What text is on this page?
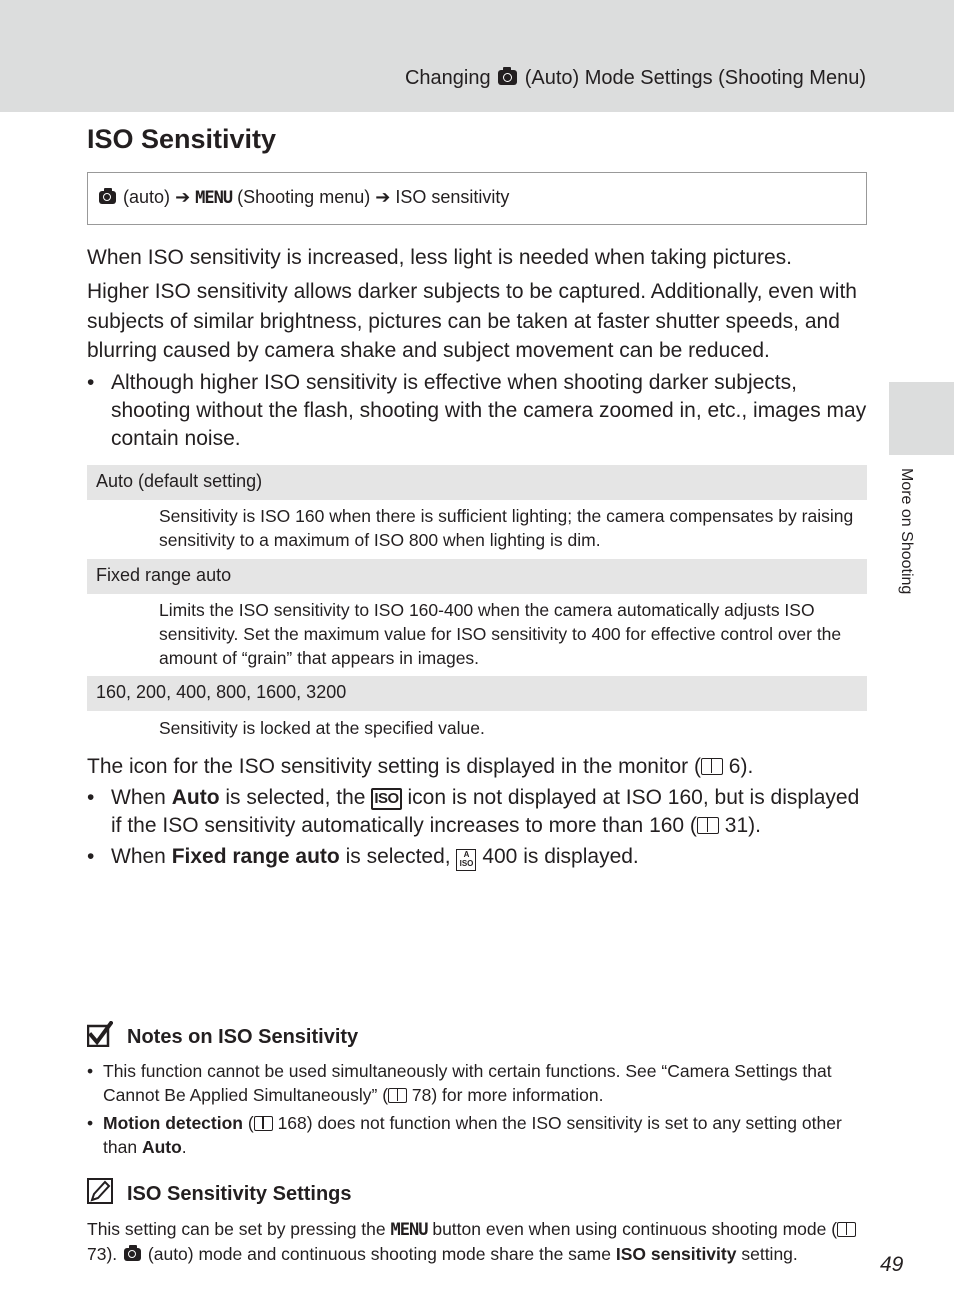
Changing (Auto) Mode Settings (Shooting Menu)
ISO Sensitivity
(auto) ➔ MENU (Shooting menu) ➔ ISO sensitivity

When ISO sensitivity is increased, less light is needed when taking pictures.

Higher ISO sensitivity allows darker subjects to be captured. Additionally, even with subjects of similar brightness, pictures can be taken at faster shutter speeds, and blurring caused by camera shake and subject movement can be reduced.

• Although higher ISO sensitivity is effective when shooting darker subjects, shooting without the flash, shooting with the camera zoomed in, etc., images may contain noise.

Auto (default setting)

Sensitivity is ISO 160 when there is sufficient lighting; the camera compensates by raising sensitivity to a maximum of ISO 800 when lighting is dim.

Fixed range auto

Limits the ISO sensitivity to ISO 160-400 when the camera automatically adjusts ISO sensitivity. Set the maximum value for ISO sensitivity to 400 for effective control over the amount of “grain” that appears in images.

160, 200, 400, 800, 1600, 3200

Sensitivity is locked at the specified value.

The icon for the ISO sensitivity setting is displayed in the monitor ( 6).

• When Auto is selected, the ISO icon is not displayed at ISO 160, but is displayed if the ISO sensitivity automatically increases to more than 160 ( 31).

• When Fixed range auto is selected, A
ISO 400 is displayed.

Notes on ISO Sensitivity

• This function cannot be used simultaneously with certain functions. See “Camera Settings that Cannot Be Applied Simultaneously” ( 78) for more information.

• Motion detection ( 168) does not function when the ISO sensitivity is set to any setting other than Auto.

ISO Sensitivity Settings

This setting can be set by pressing the MENU button even when using continuous shooting mode ( 73). (auto) mode and continuous shooting mode share the same ISO sensitivity setting.

More on Shooting
49
